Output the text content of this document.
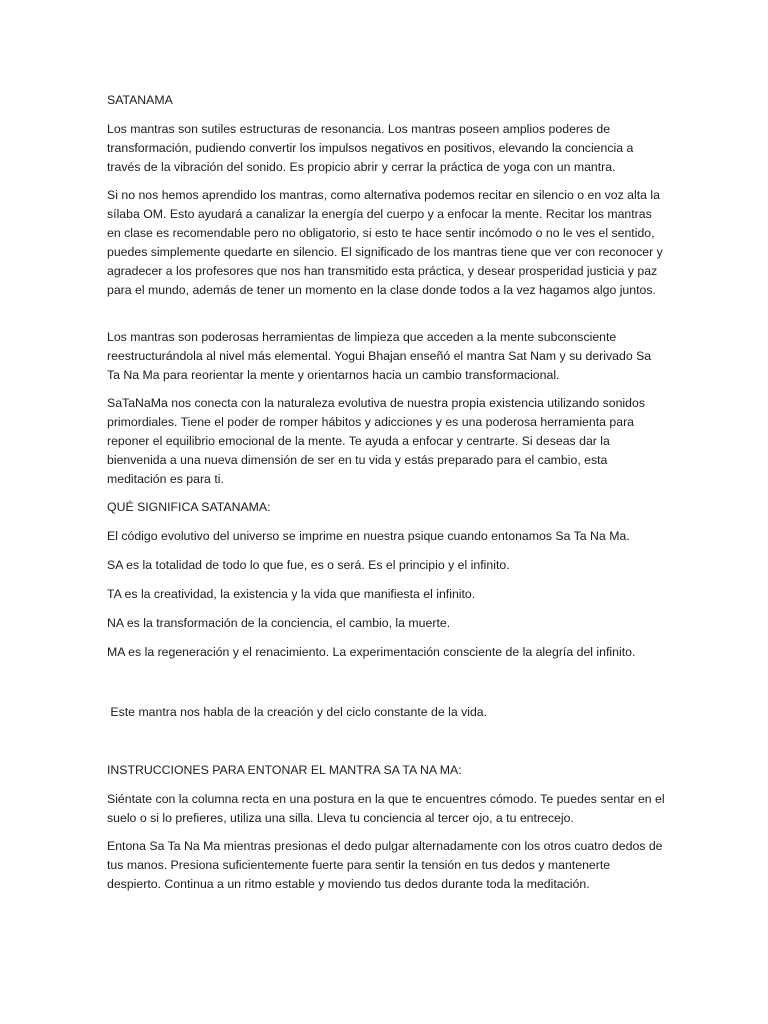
SATANAMA

Los mantras son sutiles estructuras de resonancia. Los mantras poseen amplios poderes de transformación, pudiendo convertir los impulsos negativos en positivos, elevando la conciencia a través de la vibración del sonido. Es propicio abrir y cerrar la práctica de yoga con un mantra.

Si no nos hemos aprendido los mantras, como alternativa podemos recitar en silencio o en voz alta la sílaba OM. Esto ayudará a canalizar la energía del cuerpo y a enfocar la mente. Recitar los mantras en clase es recomendable pero no obligatorio, si esto te hace sentir incómodo o no le ves el sentido, puedes simplemente quedarte en silencio. El significado de los mantras tiene que ver con reconocer y agradecer a los profesores que nos han transmitido esta práctica, y desear prosperidad justicia y paz para el mundo, además de tener un momento en la clase donde todos a la vez hagamos algo juntos.

Los mantras son poderosas herramientas de limpieza que acceden a la mente subconsciente reestructurándola al nivel más elemental. Yogui Bhajan enseñó el mantra Sat Nam y su derivado Sa Ta Na Ma para reorientar la mente y orientarnos hacia un cambio transformacional.

SaTaNaMa nos conecta con la naturaleza evolutiva de nuestra propia existencia utilizando sonidos primordiales. Tiene el poder de romper hábitos y adicciones y es una poderosa herramienta para reponer el equilibrio emocional de la mente. Te ayuda a enfocar y centrarte. Si deseas dar la bienvenida a una nueva dimensión de ser en tu vida y estás preparado para el cambio, esta meditación es para ti.

QUÉ SIGNIFICA SATANAMA:

El código evolutivo del universo se imprime en nuestra psique cuando entonamos Sa Ta Na Ma.

SA es la totalidad de todo lo que fue, es o será. Es el principio y el infinito.

TA es la creatividad, la existencia y la vida que manifiesta el infinito.

NA es la transformación de la conciencia, el cambio, la muerte.

MA es la regeneración y el renacimiento. La experimentación consciente de la alegría del infinito.

Este mantra nos habla de la creación y del ciclo constante de la vida.

INSTRUCCIONES PARA ENTONAR EL MANTRA SA TA NA MA:

Siéntate con la columna recta en una postura en la que te encuentres cómodo. Te puedes sentar en el suelo o si lo prefieres, utiliza una silla. Lleva tu conciencia al tercer ojo, a tu entrecejo.

Entona Sa Ta Na Ma mientras presionas el dedo pulgar alternadamente con los otros cuatro dedos de tus manos. Presiona suficientemente fuerte para sentir la tensión en tus dedos y mantenerte despierto. Continua a un ritmo estable y moviendo tus dedos durante toda la meditación.
